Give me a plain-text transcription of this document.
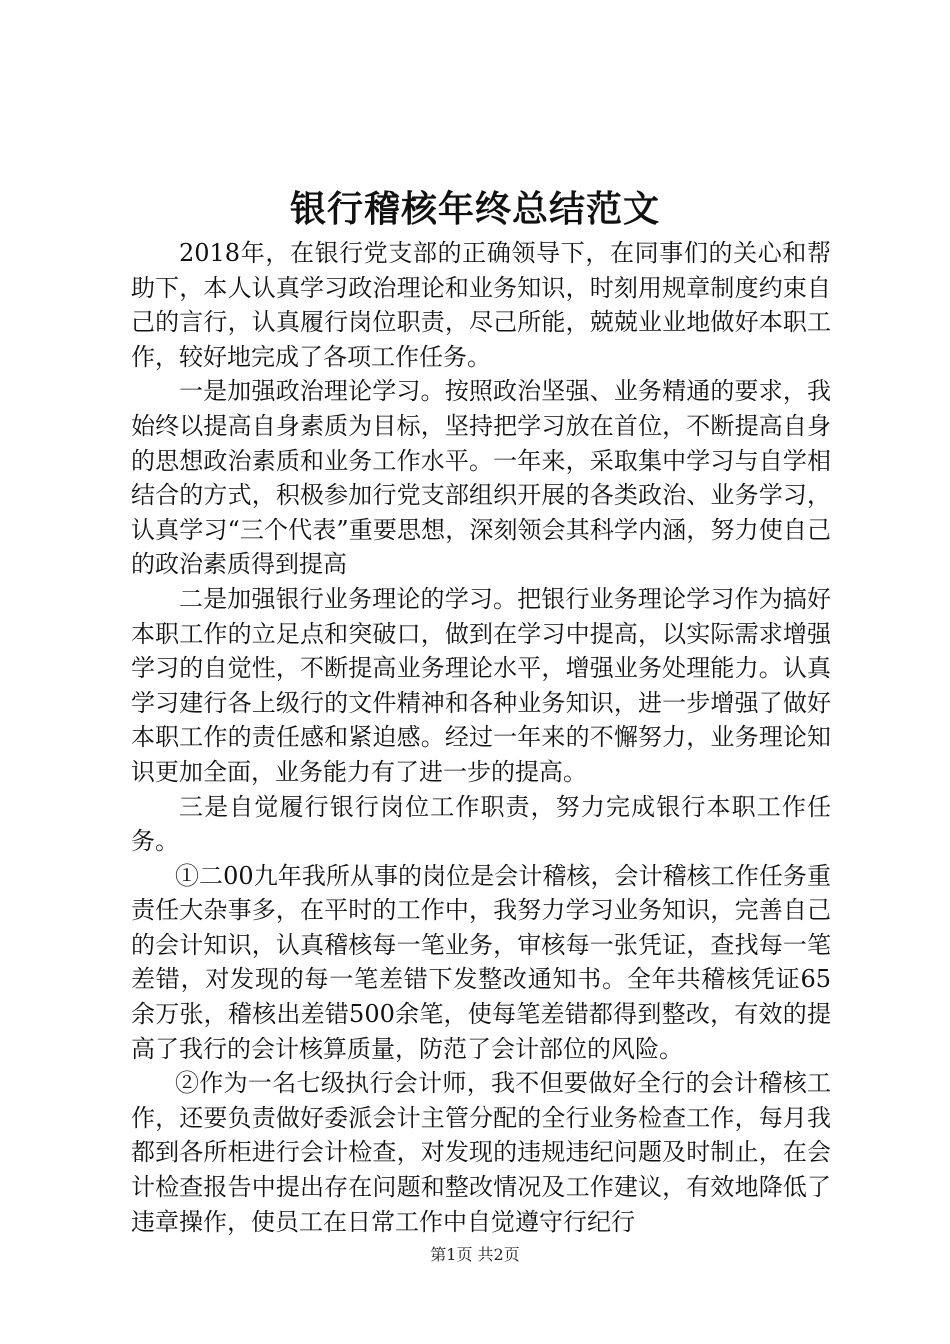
银行稽核年终总结范文

2018年，在银行党支部的正确领导下，在同事们的关心和帮助下，本人认真学习政治理论和业务知识，时刻用规章制度约束自己的言行，认真履行岗位职责，尽己所能，兢兢业业地做好本职工作，较好地完成了各项工作任务。

一是加强政治理论学习。按照政治坚强、业务精通的要求，我始终以提高自身素质为目标，坚持把学习放在首位，不断提高自身的思想政治素质和业务工作水平。一年来，采取集中学习与自学相结合的方式，积极参加行党支部组织开展的各类政治、业务学习，认真学习“三个代表”重要思想，深刻领会其科学内涵，努力使自己的政治素质得到提高

二是加强银行业务理论的学习。把银行业务理论学习作为搞好本职工作的立足点和突破口，做到在学习中提高，以实际需求增强学习的自觉性，不断提高业务理论水平，增强业务处理能力。认真学习建行各上级行的文件精神和各种业务知识，进一步增强了做好本职工作的责任感和紧迫感。经过一年来的不懈努力，业务理论知识更加全面，业务能力有了进一步的提高。

三是自觉履行银行岗位工作职责，努力完成银行本职工作任务。

①二00九年我所从事的岗位是会计稽核，会计稽核工作任务重责任大杂事多，在平时的工作中，我努力学习业务知识，完善自己的会计知识，认真稽核每一笔业务，审核每一张凭证，查找每一笔差错，对发现的每一笔差错下发整改通知书。全年共稽核凭证65余万张，稽核出差错500余笔，使每笔差错都得到整改，有效的提高了我行的会计核算质量，防范了会计部位的风险。

②作为一名七级执行会计师，我不但要做好全行的会计稽核工作，还要负责做好委派会计主管分配的全行业务检查工作，每月我都到各所柜进行会计检查，对发现的违规违纪问题及时制止，在会计检查报告中提出存在问题和整改情况及工作建议，有效地降低了违章操作，使员工在日常工作中自觉遵守行纪行

第1页 共2页
